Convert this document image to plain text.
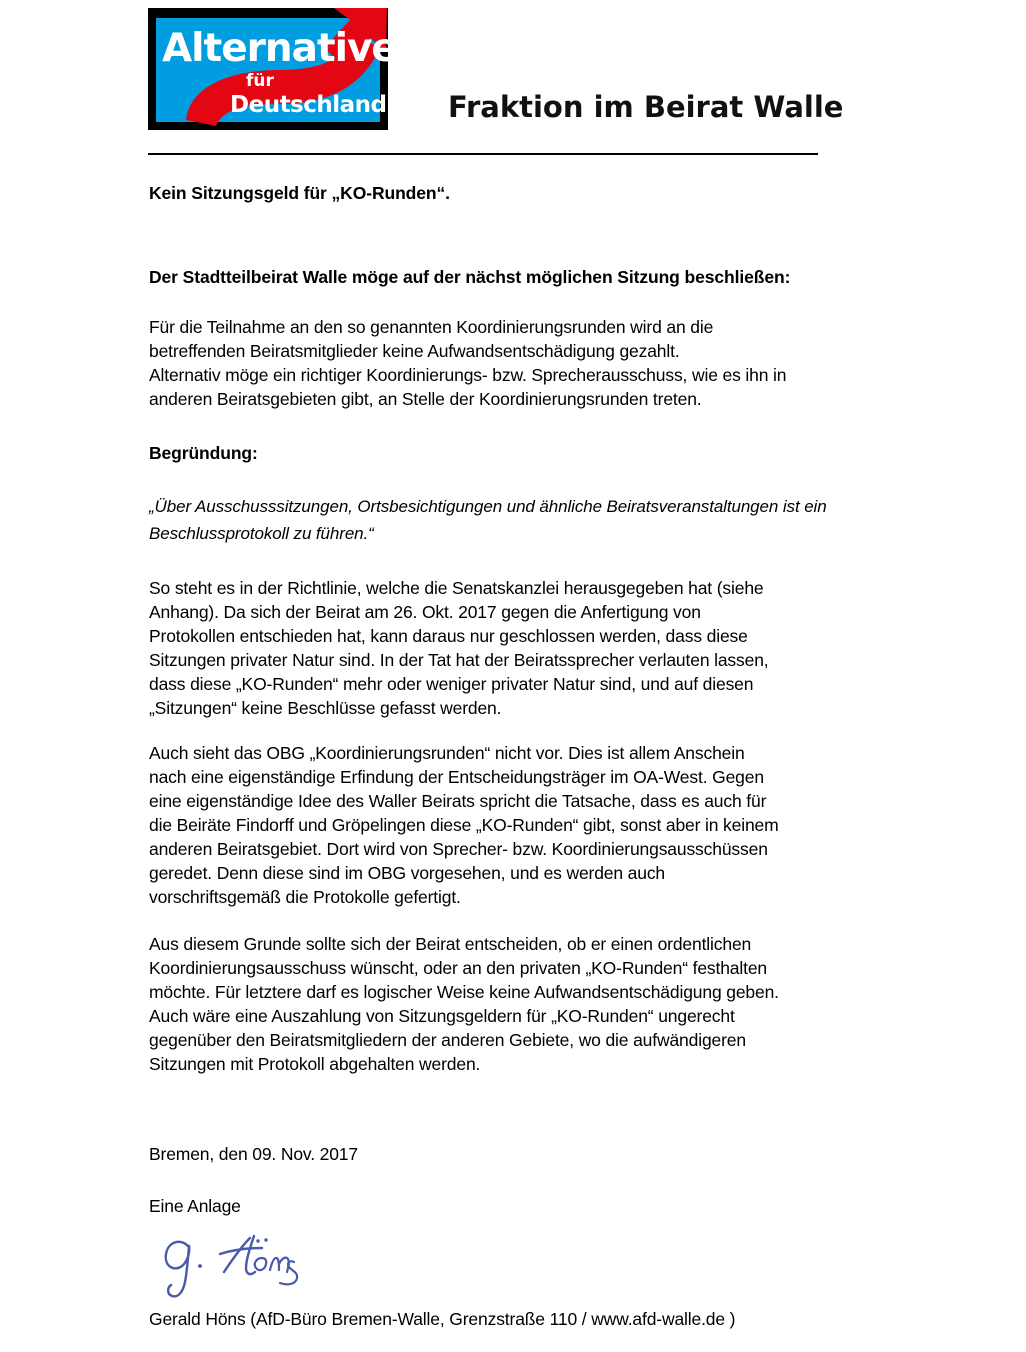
Alternative
für
Deutschland Fraktion im Beirat Walle

Kein Sitzungsgeld für „KO-Runden“.

Der Stadtteilbeirat Walle möge auf der nächst möglichen Sitzung beschließen:

Für die Teilnahme an den so genannten Koordinierungsrunden wird an die

betreffenden Beiratsmitglieder keine Aufwandsentschädigung gezahlt.

Alternativ möge ein richtiger Koordinierungs- bzw. Sprecherausschuss, wie es ihn in

anderen Beiratsgebieten gibt, an Stelle der Koordinierungsrunden treten.

Begründung:

„Über Ausschusssitzungen, Ortsbesichtigungen und ähnliche Beiratsveranstaltungen ist ein
Beschlussprotokoll zu führen.“

So steht es in der Richtlinie, welche die Senatskanzlei herausgegeben hat (siehe

Anhang). Da sich der Beirat am 26. Okt. 2017 gegen die Anfertigung von

Protokollen entschieden hat, kann daraus nur geschlossen werden, dass diese

Sitzungen privater Natur sind. In der Tat hat der Beiratssprecher verlauten lassen,

dass diese „KO-Runden“ mehr oder weniger privater Natur sind, und auf diesen

„Sitzungen“ keine Beschlüsse gefasst werden.

Auch sieht das OBG „Koordinierungsrunden“ nicht vor. Dies ist allem Anschein

nach eine eigenständige Erfindung der Entscheidungsträger im OA-West. Gegen

eine eigenständige Idee des Waller Beirats spricht die Tatsache, dass es auch für

die Beiräte Findorff und Gröpelingen diese „KO-Runden“ gibt, sonst aber in keinem

anderen Beiratsgebiet. Dort wird von Sprecher- bzw. Koordinierungsausschüssen

geredet. Denn diese sind im OBG vorgesehen, und es werden auch

vorschriftsgemäß die Protokolle gefertigt.

Aus diesem Grunde sollte sich der Beirat entscheiden, ob er einen ordentlichen

Koordinierungsausschuss wünscht, oder an den privaten „KO-Runden“ festhalten

möchte. Für letztere darf es logischer Weise keine Aufwandsentschädigung geben.

Auch wäre eine Auszahlung von Sitzungsgeldern für „KO-Runden“ ungerecht

gegenüber den Beiratsmitgliedern der anderen Gebiete, wo die aufwändigeren

Sitzungen mit Protokoll abgehalten werden.

Bremen, den 09. Nov. 2017

Eine Anlage

Gerald Höns (AfD-Büro Bremen-Walle, Grenzstraße 110 / www.afd-walle.de )
